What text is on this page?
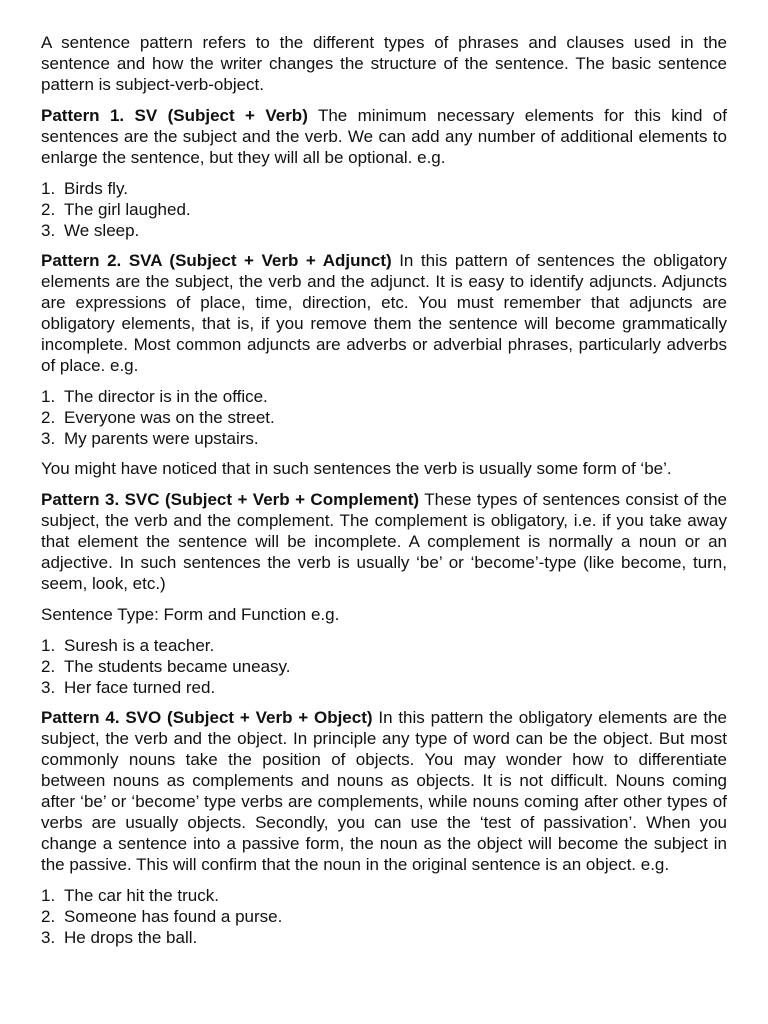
A sentence pattern refers to the different types of phrases and clauses used in the sentence and how the writer changes the structure of the sentence. The basic sentence pattern is subject-verb-object.

Pattern 1. SV (Subject + Verb) The minimum necessary elements for this kind of sentences are the subject and the verb. We can add any number of additional elements to enlarge the sentence, but they will all be optional. e.g.

1. Birds fly.
2. The girl laughed.
3. We sleep.

Pattern 2. SVA (Subject + Verb + Adjunct) In this pattern of sentences the obligatory elements are the subject, the verb and the adjunct. It is easy to identify adjuncts. Adjuncts are expressions of place, time, direction, etc. You must remember that adjuncts are obligatory elements, that is, if you remove them the sentence will become grammatically incomplete. Most common adjuncts are adverbs or adverbial phrases, particularly adverbs of place. e.g.

1. The director is in the office.
2. Everyone was on the street.
3. My parents were upstairs.

You might have noticed that in such sentences the verb is usually some form of ‘be’.

Pattern 3. SVC (Subject + Verb + Complement) These types of sentences consist of the subject, the verb and the complement. The complement is obligatory, i.e. if you take away that element the sentence will be incomplete. A complement is normally a noun or an adjective. In such sentences the verb is usually ‘be’ or ‘become’-type (like become, turn, seem, look, etc.)

Sentence Type: Form and Function e.g.

1. Suresh is a teacher.
2. The students became uneasy.
3. Her face turned red.

Pattern 4. SVO (Subject + Verb + Object) In this pattern the obligatory elements are the subject, the verb and the object. In principle any type of word can be the object. But most commonly nouns take the position of objects. You may wonder how to differentiate between nouns as complements and nouns as objects. It is not difficult. Nouns coming after ‘be’ or ‘become’ type verbs are complements, while nouns coming after other types of verbs are usually objects. Secondly, you can use the ‘test of passivation’. When you change a sentence into a passive form, the noun as the object will become the subject in the passive. This will confirm that the noun in the original sentence is an object. e.g.

1. The car hit the truck.
2. Someone has found a purse.
3. He drops the ball.
